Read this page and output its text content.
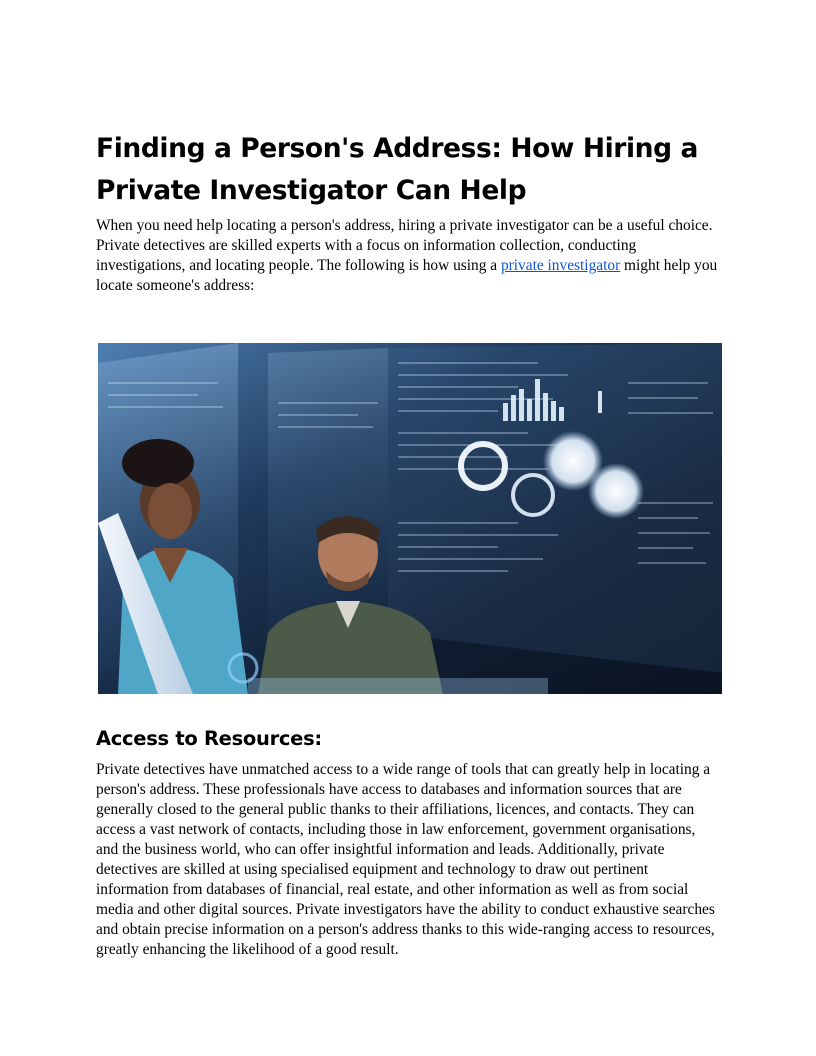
Finding a Person's Address: How Hiring a Private Investigator Can Help

When you need help locating a person's address, hiring a private investigator can be a useful choice. Private detectives are skilled experts with a focus on information collection, conducting investigations, and locating people. The following is how using a private investigator might help you locate someone's address:

Access to Resources:

Private detectives have unmatched access to a wide range of tools that can greatly help in locating a person's address. These professionals have access to databases and information sources that are generally closed to the general public thanks to their affiliations, licences, and contacts. They can access a vast network of contacts, including those in law enforcement, government organisations, and the business world, who can offer insightful information and leads. Additionally, private detectives are skilled at using specialised equipment and technology to draw out pertinent information from databases of financial, real estate, and other information as well as from social media and other digital sources. Private investigators have the ability to conduct exhaustive searches and obtain precise information on a person's address thanks to this wide-ranging access to resources, greatly enhancing the likelihood of a good result.
